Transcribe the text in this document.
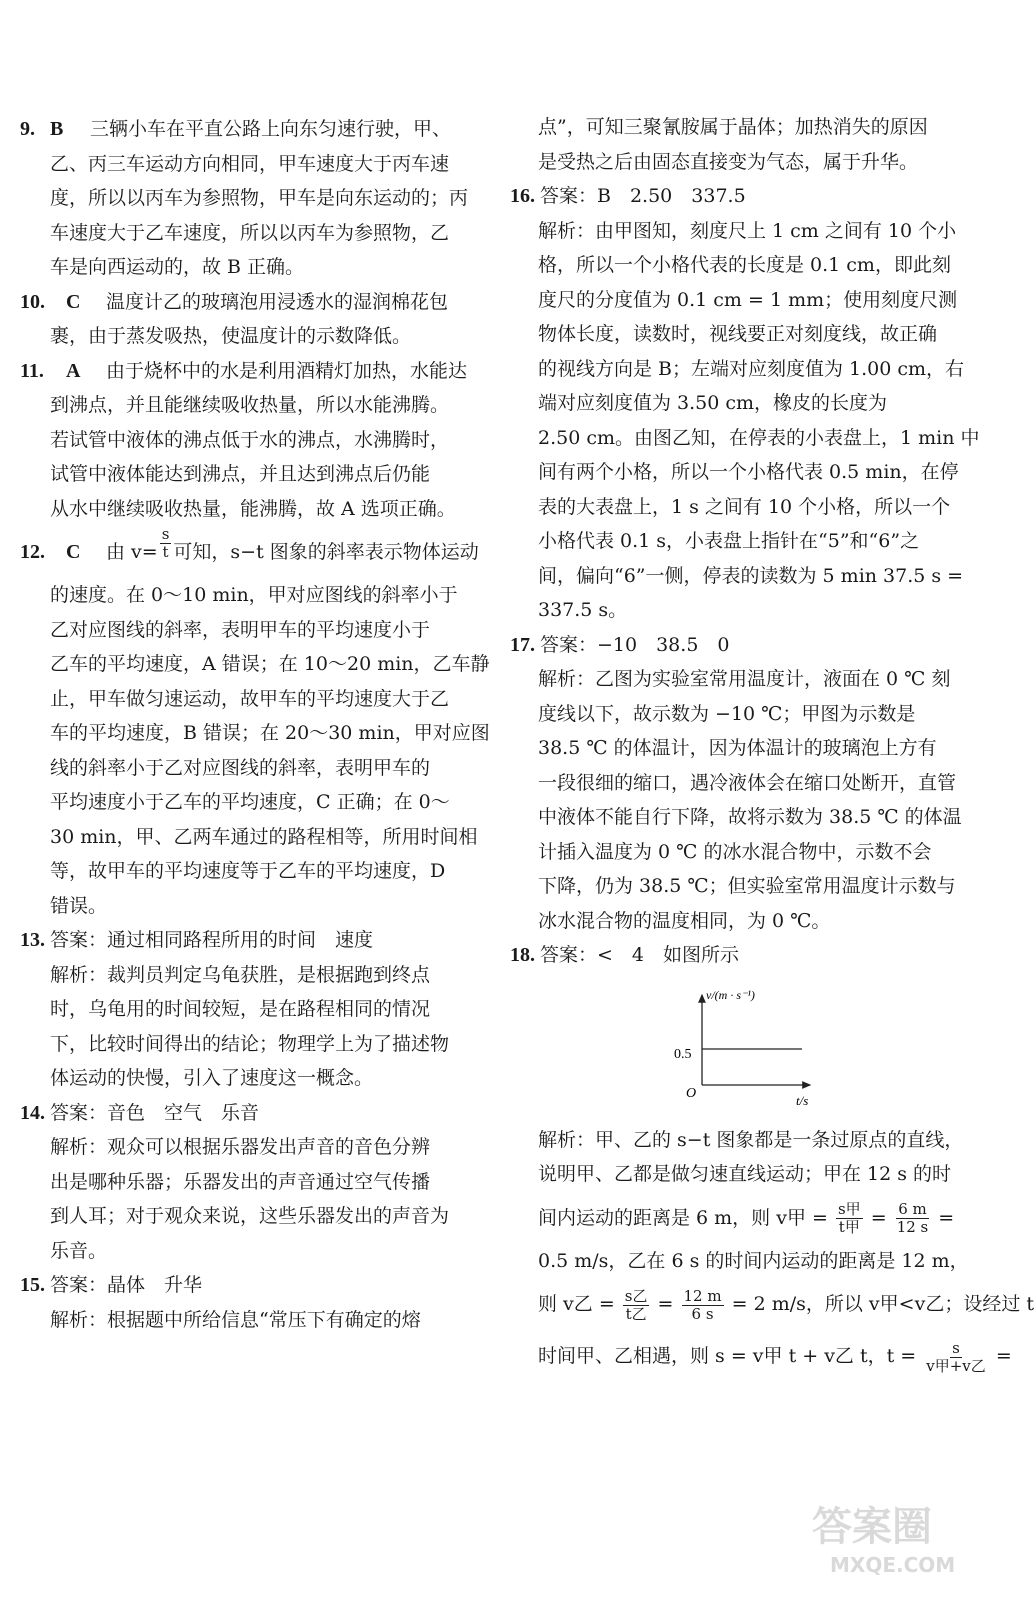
9. B	三辆小车在平直公路上向东匀速行驶，甲、
乙、丙三车运动方向相同，甲车速度大于丙车速
度，所以以丙车为参照物，甲车是向东运动的；丙
车速度大于乙车速度，所以以丙车为参照物，乙
车是向西运动的，故 B 正确。
10.	C	温度计乙的玻璃泡用浸透水的湿润棉花包
裹，由于蒸发吸热，使温度计的示数降低。
11.	A	由于烧杯中的水是利用酒精灯加热，水能达
到沸点，并且能继续吸收热量，所以水能沸腾。
若试管中液体的沸点低于水的沸点，水沸腾时，
试管中液体能达到沸点，并且达到沸点后仍能
从水中继续吸收热量，能沸腾，故 A 选项正确。
12.	C	由 $v= \frac{s}{t}$ 可知，s−t 图象的斜率表示物体运动
的速度。在 0～10 min，甲对应图线的斜率小于
乙对应图线的斜率，表明甲车的平均速度小于
乙车的平均速度，A 错误；在 10～20 min，乙车静
止，甲车做匀速运动，故甲车的平均速度大于乙
车的平均速度，B 错误；在 20～30 min，甲对应图
线的斜率小于乙对应图线的斜率，表明甲车的
平均速度小于乙车的平均速度，C 正确；在 0～
30 min，甲、乙两车通过的路程相等，所用时间相
等，故甲车的平均速度等于乙车的平均速度，D
错误。
13. 答案：通过相同路程所用的时间　速度
解析：裁判员判定乌龟获胜，是根据跑到终点
时，乌龟用的时间较短，是在路程相同的情况
下，比较时间得出的结论；物理学上为了描述物
体运动的快慢，引入了速度这一概念。
14. 答案：音色　空气　乐音
解析：观众可以根据乐器发出声音的音色分辨
出是哪种乐器；乐器发出的声音通过空气传播
到人耳；对于观众来说，这些乐器发出的声音为
乐音。
15. 答案：晶体　升华
解析：根据题中所给信息“常压下有确定的熔
点”，可知三聚氰胺属于晶体；加热消失的原因
是受热之后由固态直接变为气态，属于升华。
16. 答案：B　2.50　337.5
解析：由甲图知，刻度尺上 1 cm 之间有 10 个小
格，所以一个小格代表的长度是 0.1 cm，即此刻
度尺的分度值为 0.1 cm = 1 mm；使用刻度尺测
物体长度，读数时，视线要正对刻度线，故正确
的视线方向是 B；左端对应刻度值为 1.00 cm，右
端对应刻度值为 3.50 cm，橡皮的长度为
2.50 cm。由图乙知，在停表的小表盘上，1 min 中
间有两个小格，所以一个小格代表 0.5 min，在停
表的大表盘上，1 s 之间有 10 个小格，所以一个
小格代表 0.1 s，小表盘上指针在“5”和“6”之
间，偏向“6”一侧，停表的读数为 5 min 37.5 s =
337.5 s。
17. 答案：−10　38.5　0
解析：乙图为实验室常用温度计，液面在 0 ℃ 刻
度线以下，故示数为 −10 ℃；甲图为示数是
38.5 ℃ 的体温计，因为体温计的玻璃泡上方有
一段很细的缩口，遇冷液体会在缩口处断开，直管
中液体不能自行下降，故将示数为 38.5 ℃ 的体温
计插入温度为 0 ℃ 的冰水混合物中，示数不会
下降，仍为 38.5 ℃；但实验室常用温度计示数与
冰水混合物的温度相同，为 0 ℃。
18. 答案：<　4　如图所示
v/(m · s⁻¹)
t/s
O
0.5
解析：甲、乙的 s−t 图象都是一条过原点的直线，
说明甲、乙都是做匀速直线运动；甲在 12 s 的时
间内运动的距离是 6 m，则 v甲 = $\frac{\text{s甲}}{\text{t甲}} = \frac{6 m}{12 s}$ =
0.5 m/s，乙在 6 s 的时间内运动的距离是 12 m，
则 v乙 = $\frac{\text{s乙}}{\text{t乙}} = \frac{12 m}{6 s} = 2$ m/s，所以 v甲<v乙；设经过 t
时间甲、乙相遇，则 s = v甲 t + v乙 t，$t = \frac{s}{\text{v甲+v乙}}$ =
答案圈
MXQE.COM
